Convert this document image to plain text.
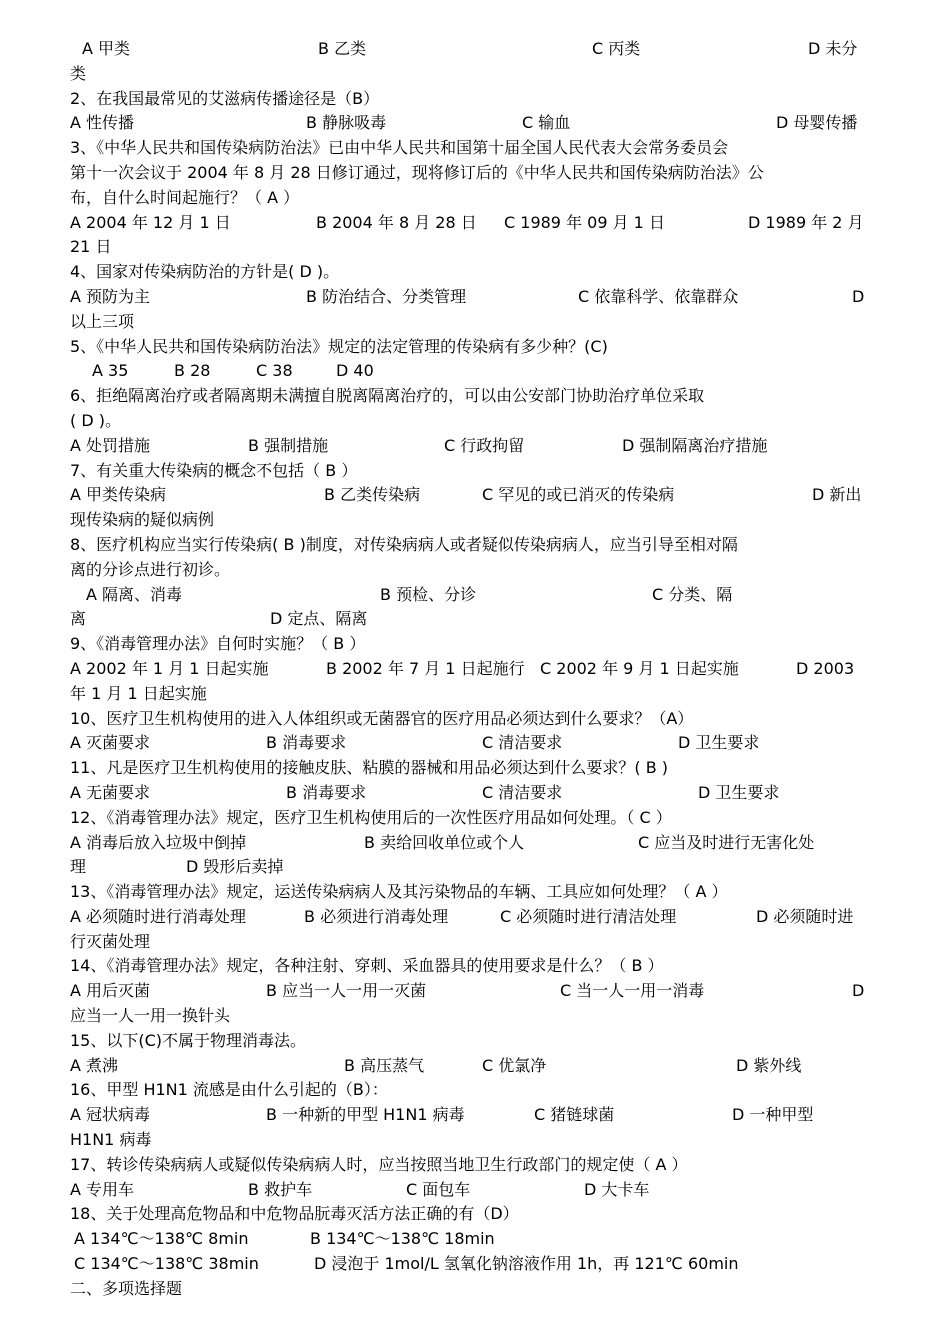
A 甲类	B 乙类	C 丙类	D 未分
类
2、在我国最常见的艾滋病传播途径是（B）
A 性传播	B 静脉吸毒	C 输血	D 母婴传播
3、《中华人民共和国传染病防治法》已由中华人民共和国第十届全国人民代表大会常务委员会
第十一次会议于 2004 年 8 月 28 日修订通过，现将修订后的《中华人民共和国传染病防治法》公
布，自什么时间起施行？（ A ）
A 2004 年 12 月 1 日	B 2004 年 8 月 28 日 C 1989 年 09 月 1 日	D 1989 年 2 月
21 日
4、国家对传染病防治的方针是( D )。
A 预防为主	B 防治结合、分类管理	C 依靠科学、依靠群众	D
以上三项
5、《中华人民共和国传染病防治法》规定的法定管理的传染病有多少种？(C)
A 35	B 28	C 38	D 40
6、拒绝隔离治疗或者隔离期未满擅自脱离隔离治疗的，可以由公安部门协助治疗单位采取
( D )。
A 处罚措施	B 强制措施	C 行政拘留	D 强制隔离治疗措施
7、有关重大传染病的概念不包括（ B ）
A 甲类传染病	B 乙类传染病	C 罕见的或已消灭的传染病	D 新出
现传染病的疑似病例
8、医疗机构应当实行传染病( B )制度，对传染病病人或者疑似传染病病人，应当引导至相对隔
离的分诊点进行初诊。
A 隔离、消毒	B 预检、分诊	C 分类、隔
离	D 定点、隔离
9、《消毒管理办法》自何时实施？（ B ）
A 2002 年 1 月 1 日起实施	B 2002 年 7 月 1 日起施行 C 2002 年 9 月 1 日起实施	D 2003
年 1 月 1 日起实施
10、医疗卫生机构使用的进入人体组织或无菌器官的医疗用品必须达到什么要求？（A）
A 灭菌要求	B 消毒要求	C 清洁要求	D 卫生要求
11、凡是医疗卫生机构使用的接触皮肤、粘膜的器械和用品必须达到什么要求？( B )
A 无菌要求	B 消毒要求	C 清洁要求	D 卫生要求
12、《消毒管理办法》规定，医疗卫生机构使用后的一次性医疗用品如何处理。（ C ）
A 消毒后放入垃圾中倒掉	B 卖给回收单位或个人	C 应当及时进行无害化处
理	D 毁形后卖掉
13、《消毒管理办法》规定，运送传染病病人及其污染物品的车辆、工具应如何处理？（ A ）
A 必须随时进行消毒处理	B 必须进行消毒处理	C 必须随时进行清洁处理	D 必须随时进
行灭菌处理
14、《消毒管理办法》规定，各种注射、穿刺、采血器具的使用要求是什么？（ B ）
A 用后灭菌	B 应当一人一用一灭菌	C 当一人一用一消毒	D
应当一人一用一换针头
15、以下(C)不属于物理消毒法。
A 煮沸	B 高压蒸气	C 优氯净	D 紫外线
16、甲型 H1N1 流感是由什么引起的（B）：
A 冠状病毒	B 一种新的甲型 H1N1 病毒	C 猪链球菌	D 一种甲型
H1N1 病毒
17、转诊传染病病人或疑似传染病病人时，应当按照当地卫生行政部门的规定使（ A ）
A 专用车	B 救护车	C 面包车	D 大卡车
18、关于处理高危物品和中危物品朊毒灭活方法正确的有（D）
A 134℃～138℃ 8min	B 134℃～138℃ 18min
C 134℃～138℃ 38min	D 浸泡于 1mol/L 氢氧化钠溶液作用 1h，再 121℃ 60min
二、多项选择题
